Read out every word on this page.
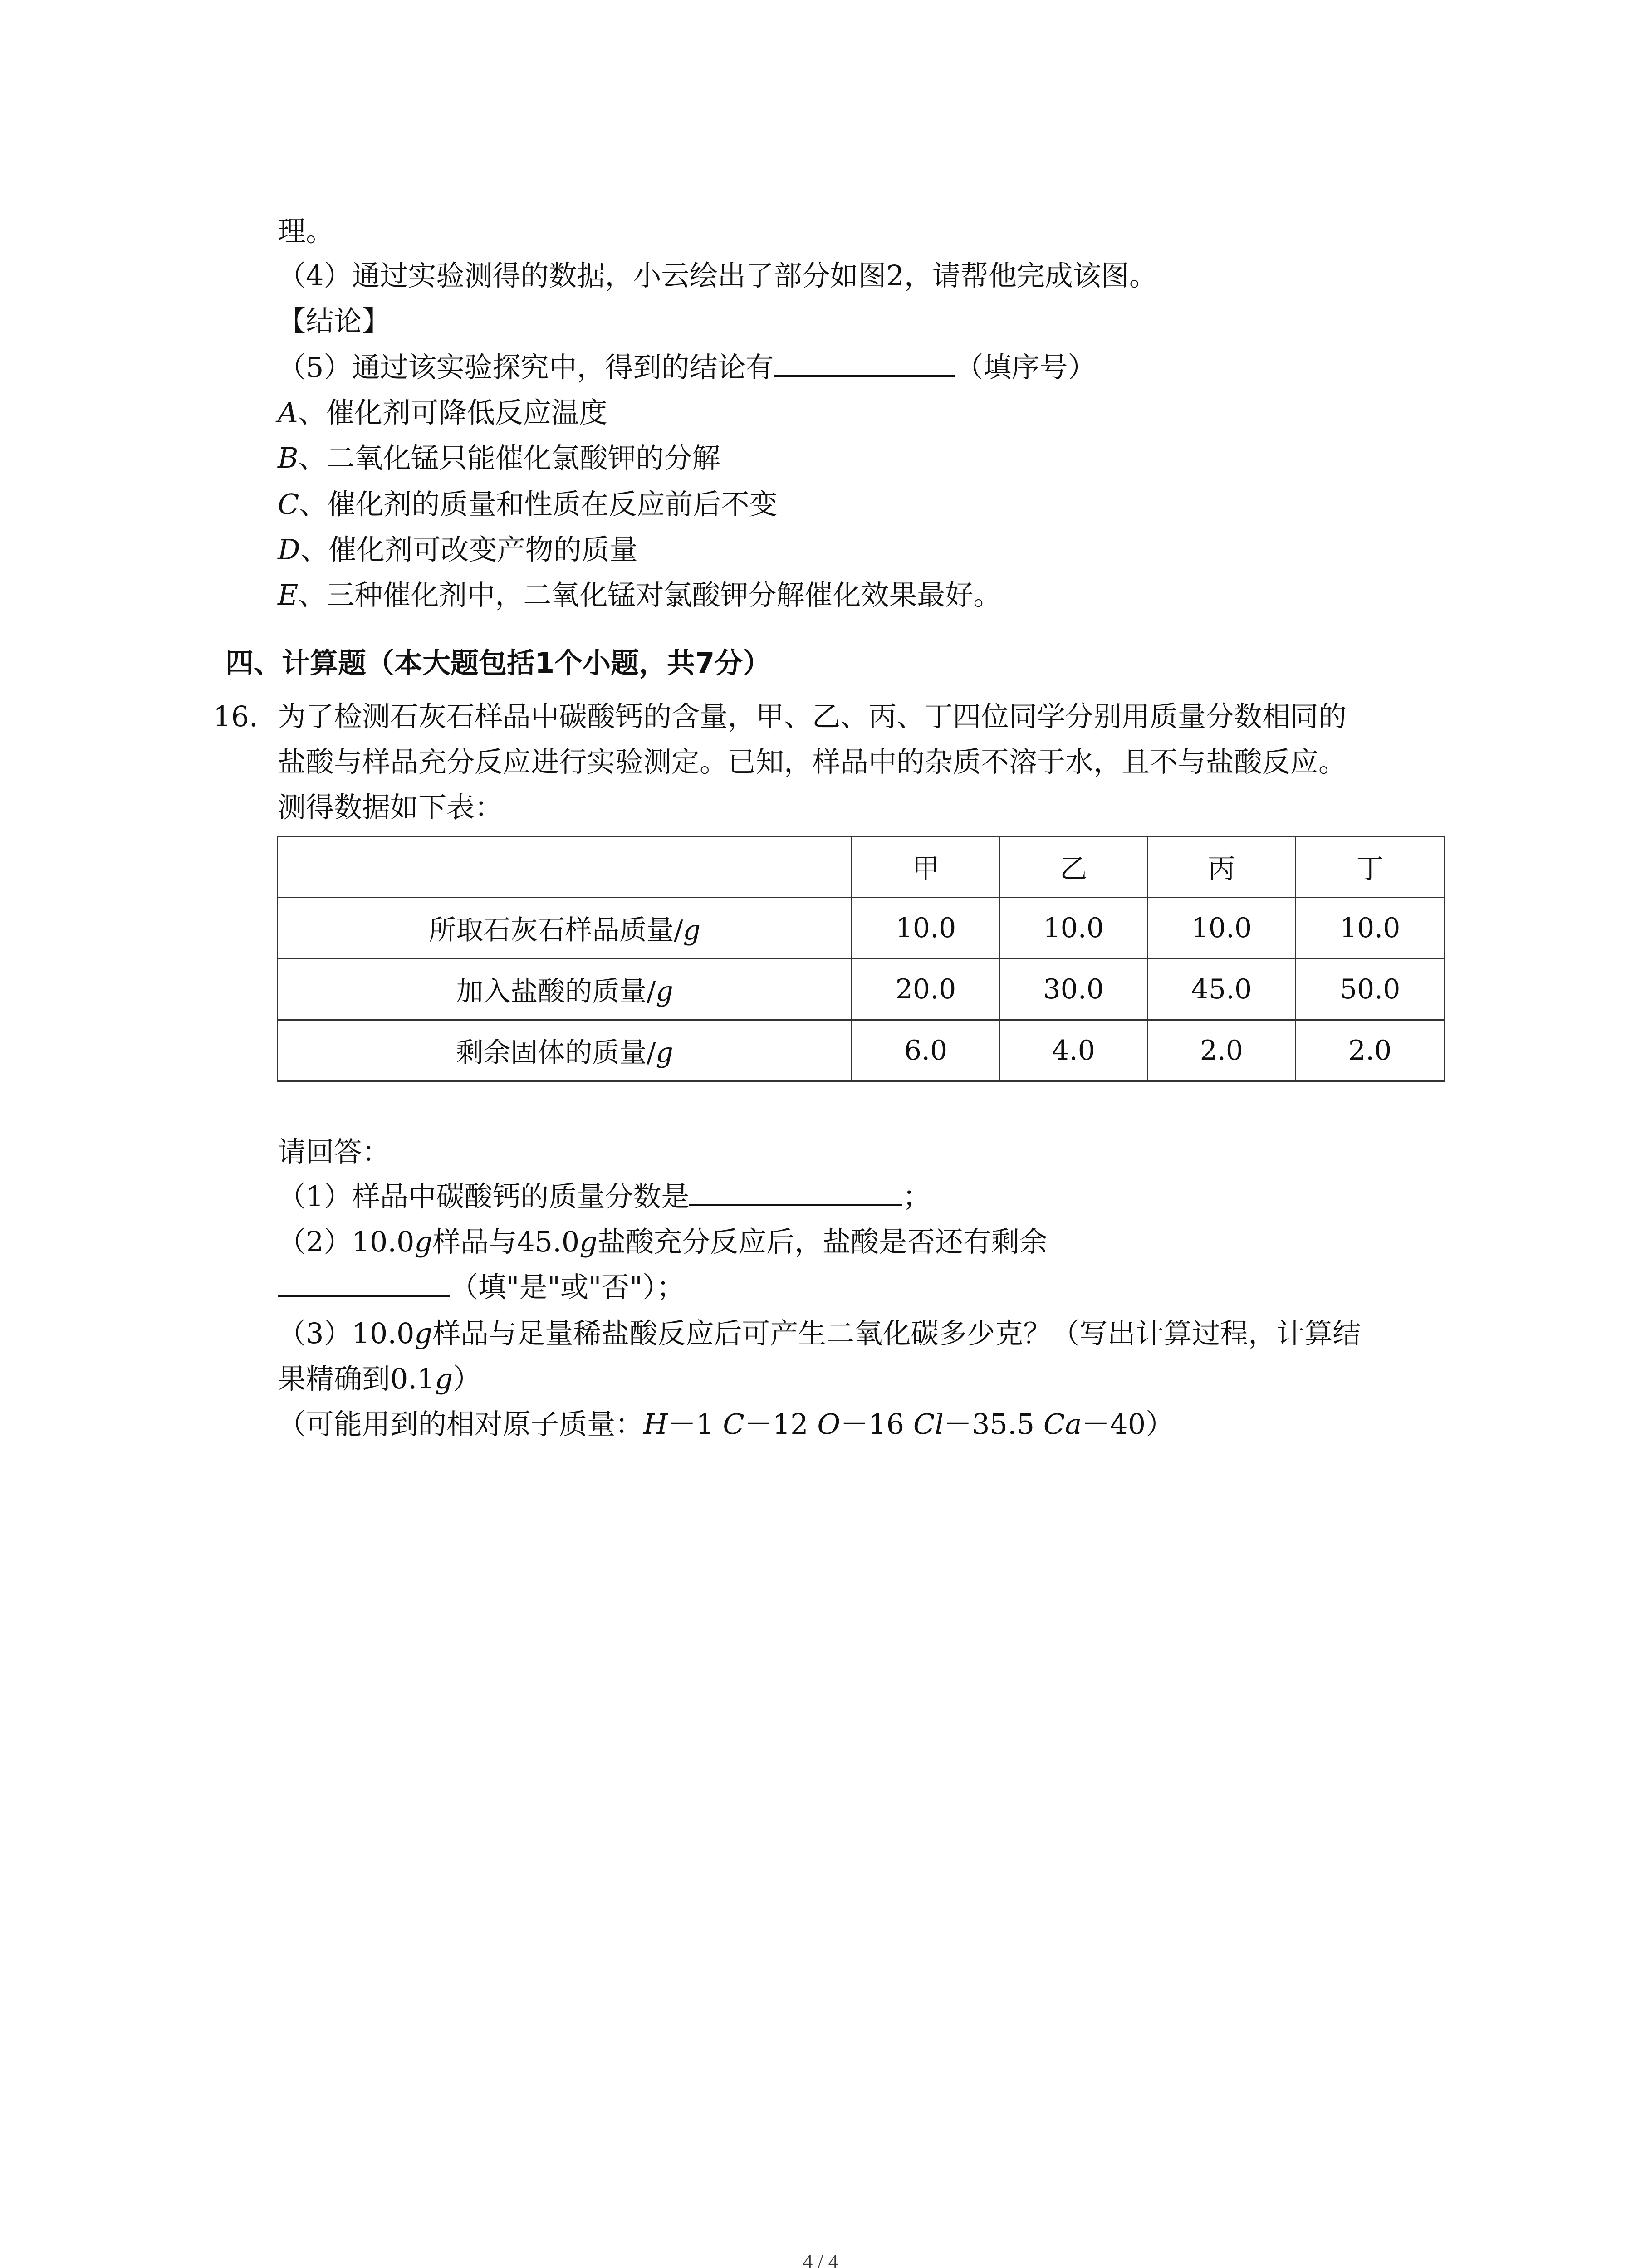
理。
（4）通过实验测得的数据，小云绘出了部分如图2，请帮他完成该图。
【结论】
（5）通过该实验探究中，得到的结论有	（填序号）
A、催化剂可降低反应温度
B、二氧化锰只能催化氯酸钾的分解
C、催化剂的质量和性质在反应前后不变
D、催化剂可改变产物的质量
E、三种催化剂中，二氧化锰对氯酸钾分解催化效果最好。
四、计算题（本大题包括1个小题，共7分）
16. 为了检测石灰石样品中碳酸钙的含量，甲、乙、丙、丁四位同学分别用质量分数相同的
盐酸与样品充分反应进行实验测定。已知，样品中的杂质不溶于水，且不与盐酸反应。
测得数据如下表：
	甲	乙	丙	丁
所取石灰石样品质量/g	10.0	10.0	10.0	10.0
加入盐酸的质量/g	20.0	30.0	45.0	50.0
剩余固体的质量/g	6.0	4.0	2.0	2.0
请回答：
（1）样品中碳酸钙的质量分数是	；
（2）10.0g样品与45.0g盐酸充分反应后，盐酸是否还有剩余
（填"是"或"否"）；
（3）10.0g样品与足量稀盐酸反应后可产生二氧化碳多少克？（写出计算过程，计算结
果精确到0.1g）
（可能用到的相对原子质量：H－1 C－12 O－16 Cl－35.5 Ca－40）
4 / 4
